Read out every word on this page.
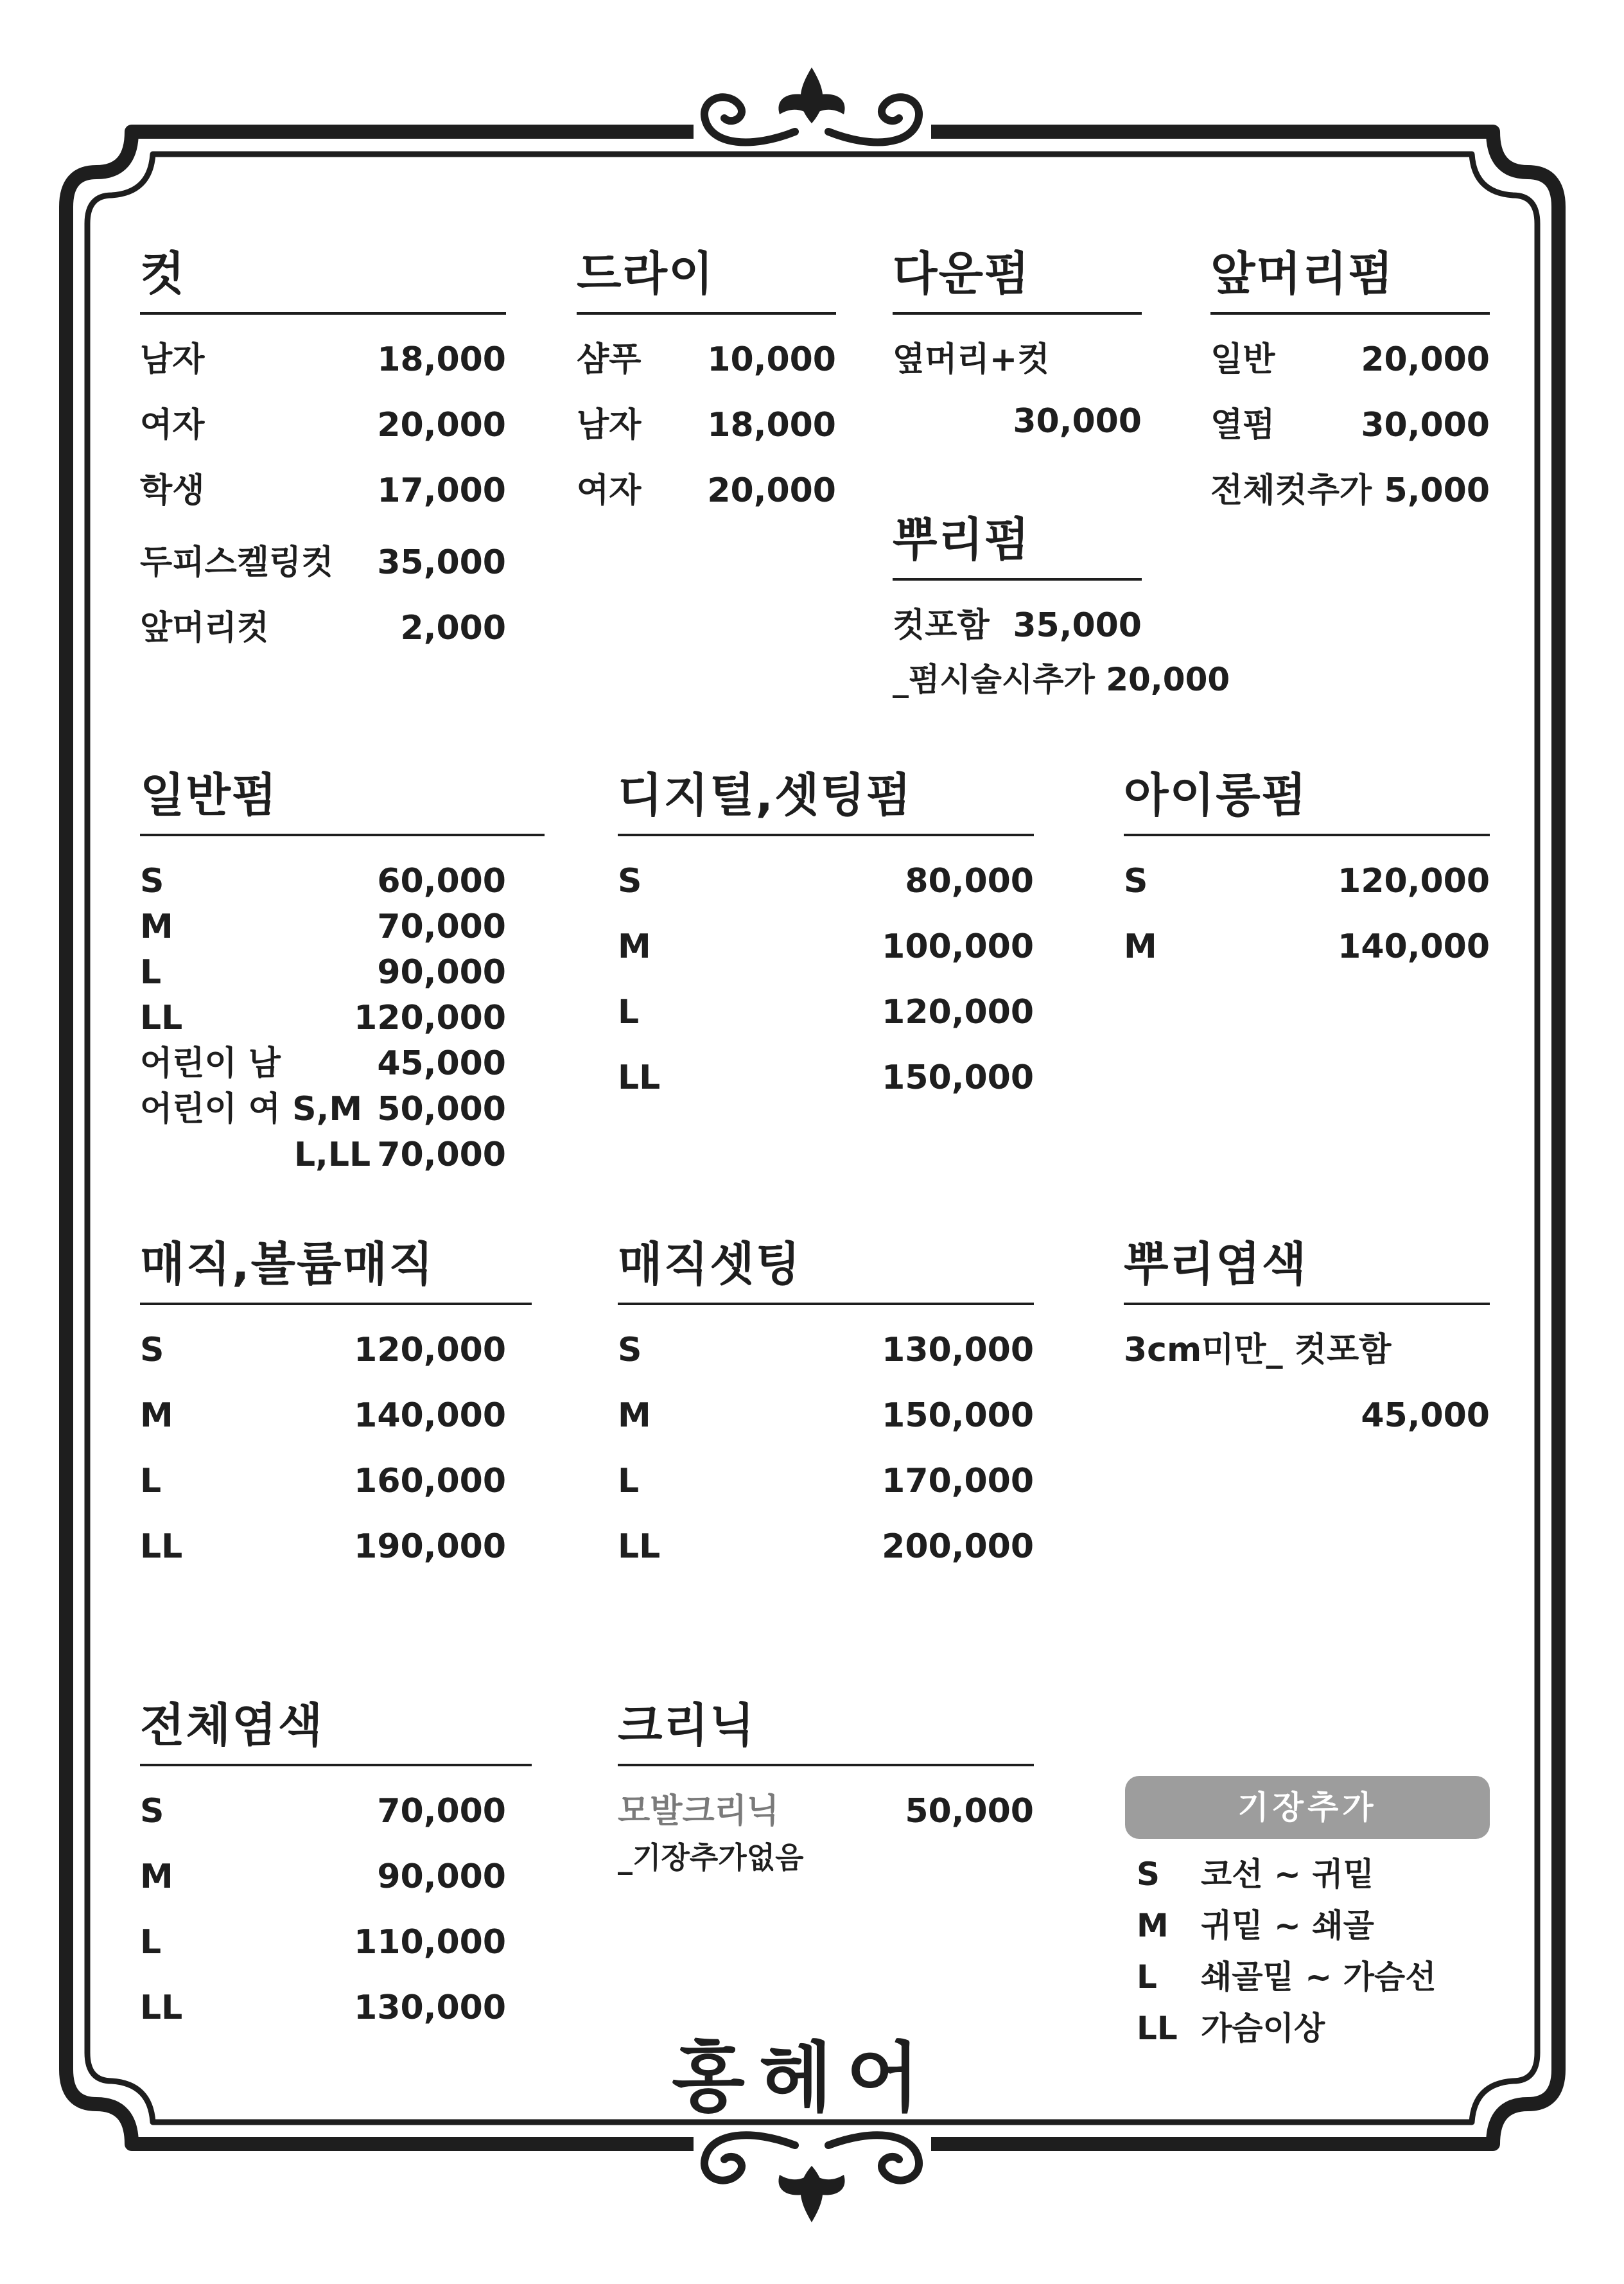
컷
남자	18,000
여자	20,000
학생	17,000
두피스켈링컷 35,000
앞머리컷	2,000
드라이
샴푸 10,000
남자 18,000
여자 20,000
다운펌
옆머리+컷
30,000
뿌리펌
컷포함 35,000
_펌시술시추가 20,000
앞머리펌
일반	20,000
열펌	30,000
전체컷추가 5,000
일반펌
S	60,000
M	70,000
L	90,000
LL	120,000
어린이 남	45,000
어린이 여 S,M 50,000
L,LL 70,000
디지털,셋팅펌
S	80,000
M	100,000
L	120,000
LL	150,000
아이롱펌
S	120,000
M	140,000
매직,볼륨매직
S	120,000
M	140,000
L	160,000
LL	190,000
매직셋팅
S	130,000
M	150,000
L	170,000
LL	200,000
뿌리염색
3cm미만_ 컷포함
45,000
전체염색
S	70,000
M	90,000
L	110,000
LL	130,000
크리닉
모발크리닉	50,000
_기장추가없음
기장추가
S 코선 ~ 귀밑
M 귀밑 ~ 쇄골
L 쇄골밑 ~ 가슴선
LL 가슴이상
홍헤어
